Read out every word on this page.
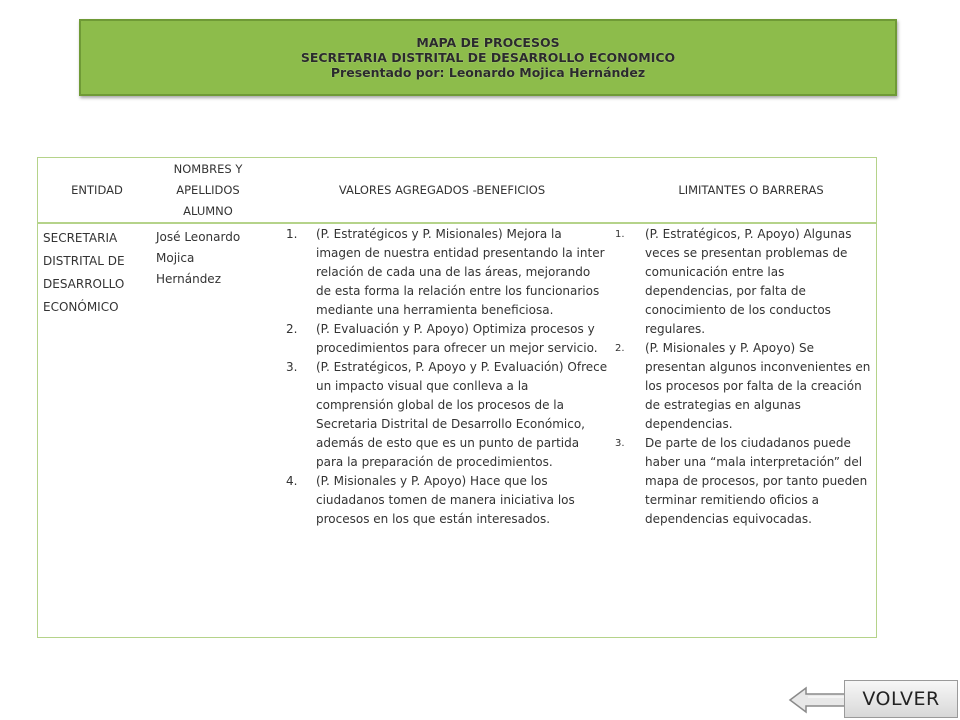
MAPA DE PROCESOS
SECRETARIA DISTRITAL DE DESARROLLO ECONOMICO
Presentado por: Leonardo Mojica Hernández
ENTIDAD
NOMBRES Y
APELLIDOS
ALUMNO
VALORES AGREGADOS -BENEFICIOS	LIMITANTES O BARRERAS
SECRETARIA
DISTRITAL DE
DESARROLLO
ECONÓMICO
José Leonardo
Mojica
Hernández
1. (P. Estratégicos y P. Misionales) Mejora la imagen de nuestra entidad presentando la inter relación de cada una de las áreas, mejorando de esta forma la relación entre los funcionarios mediante una herramienta beneficiosa.
2. (P. Evaluación y P. Apoyo) Optimiza procesos y procedimientos para ofrecer un mejor servicio.
3. (P. Estratégicos, P. Apoyo y P. Evaluación) Ofrece un impacto visual que conlleva a la comprensión global de los procesos de la Secretaria Distrital de Desarrollo Económico, además de esto que es un punto de partida para la preparación de procedimientos.
4. (P. Misionales y P. Apoyo) Hace que los ciudadanos tomen de manera iniciativa los procesos en los que están interesados.
1. (P. Estratégicos, P. Apoyo) Algunas veces se presentan problemas de comunicación entre las dependencias, por falta de conocimiento de los conductos regulares.
2. (P. Misionales y P. Apoyo) Se presentan algunos inconvenientes en los procesos por falta de la creación de estrategias en algunas dependencias.
3. De parte de los ciudadanos puede haber una “mala interpretación” del mapa de procesos, por tanto pueden terminar remitiendo oficios a dependencias equivocadas.
VOLVER
